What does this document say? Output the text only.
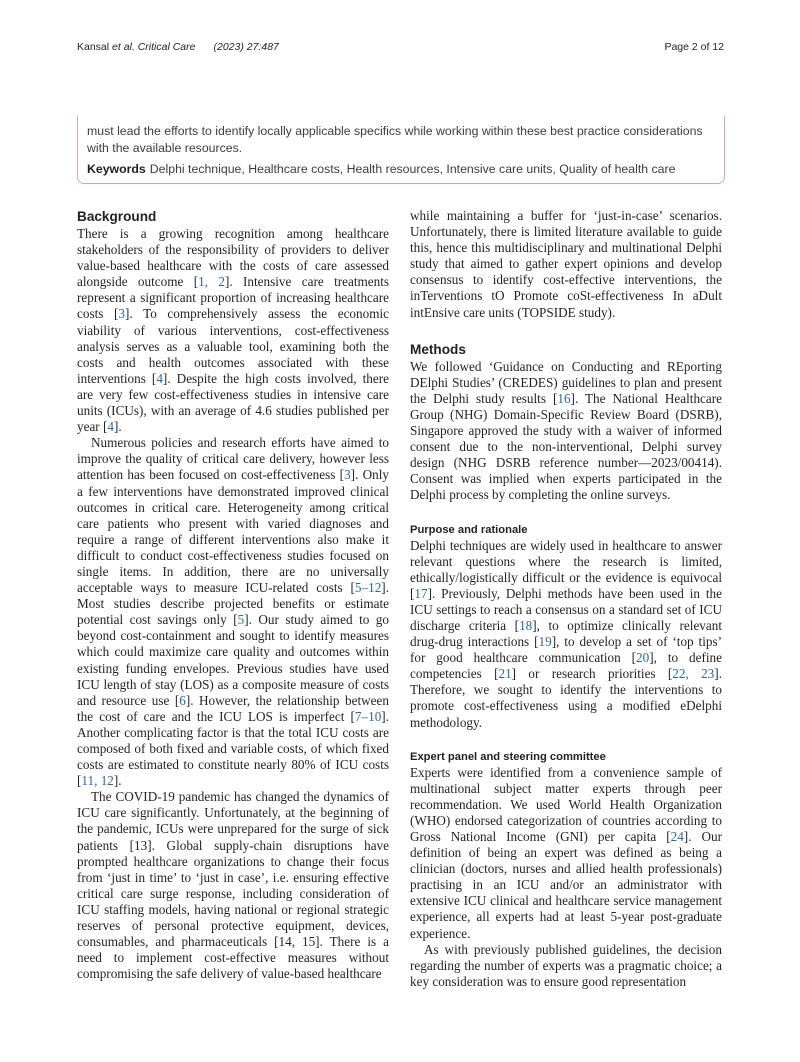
Kansal et al. Critical Care (2023) 27:487	Page 2 of 12

must lead the efforts to identify locally applicable specifics while working within these best practice considerations with the available resources.

Keywords Delphi technique, Healthcare costs, Health resources, Intensive care units, Quality of health care

Background

There is a growing recognition among healthcare stakeholders of the responsibility of providers to deliver value-based healthcare with the costs of care assessed alongside outcome [1, 2]. Intensive care treatments represent a significant proportion of increasing healthcare costs [3]. To comprehensively assess the economic viability of various interventions, cost-effectiveness analysis serves as a valuable tool, examining both the costs and health outcomes associated with these interventions [4]. Despite the high costs involved, there are very few cost-effectiveness studies in intensive care units (ICUs), with an average of 4.6 studies published per year [4].

Numerous policies and research efforts have aimed to improve the quality of critical care delivery, however less attention has been focused on cost-effectiveness [3]. Only a few interventions have demonstrated improved clinical outcomes in critical care. Heterogeneity among critical care patients who present with varied diagnoses and require a range of different interventions also make it difficult to conduct cost-effectiveness studies focused on single items. In addition, there are no universally acceptable ways to measure ICU-related costs [5–12]. Most studies describe projected benefits or estimate potential cost savings only [5]. Our study aimed to go beyond cost-containment and sought to identify measures which could maximize care quality and outcomes within existing funding envelopes. Previous studies have used ICU length of stay (LOS) as a composite measure of costs and resource use [6]. However, the relationship between the cost of care and the ICU LOS is imperfect [7–10]. Another complicating factor is that the total ICU costs are composed of both fixed and variable costs, of which fixed costs are estimated to constitute nearly 80% of ICU costs [11, 12].

The COVID-19 pandemic has changed the dynamics of ICU care significantly. Unfortunately, at the beginning of the pandemic, ICUs were unprepared for the surge of sick patients [13]. Global supply-chain disruptions have prompted healthcare organizations to change their focus from ‘just in time’ to ‘just in case’, i.e. ensuring effective critical care surge response, including consideration of ICU staffing models, having national or regional strategic reserves of personal protective equipment, devices, consumables, and pharmaceuticals [14, 15]. There is a need to implement cost-effective measures without compromising the safe delivery of value-based healthcare

while maintaining a buffer for ‘just-in-case’ scenarios. Unfortunately, there is limited literature available to guide this, hence this multidisciplinary and multinational Delphi study that aimed to gather expert opinions and develop consensus to identify cost-effective interventions, the inTerventions tO Promote coSt-effectiveness In aDult intEnsive care units (TOPSIDE study).

Methods

We followed ‘Guidance on Conducting and REporting DElphi Studies’ (CREDES) guidelines to plan and present the Delphi study results [16]. The National Healthcare Group (NHG) Domain-Specific Review Board (DSRB), Singapore approved the study with a waiver of informed consent due to the non-interventional, Delphi survey design (NHG DSRB reference number—2023/00414). Consent was implied when experts participated in the Delphi process by completing the online surveys.

Purpose and rationale

Delphi techniques are widely used in healthcare to answer relevant questions where the research is limited, ethically/logistically difficult or the evidence is equivocal [17]. Previously, Delphi methods have been used in the ICU settings to reach a consensus on a standard set of ICU discharge criteria [18], to optimize clinically relevant drug-drug interactions [19], to develop a set of ‘top tips’ for good healthcare communication [20], to define competencies [21] or research priorities [22, 23]. Therefore, we sought to identify the interventions to promote cost-effectiveness using a modified eDelphi methodology.

Expert panel and steering committee

Experts were identified from a convenience sample of multinational subject matter experts through peer recommendation. We used World Health Organization (WHO) endorsed categorization of countries according to Gross National Income (GNI) per capita [24]. Our definition of being an expert was defined as being a clinician (doctors, nurses and allied health professionals) practising in an ICU and/or an administrator with extensive ICU clinical and healthcare service management experience, all experts had at least 5-year post-graduate experience.

As with previously published guidelines, the decision regarding the number of experts was a pragmatic choice; a key consideration was to ensure good representation
